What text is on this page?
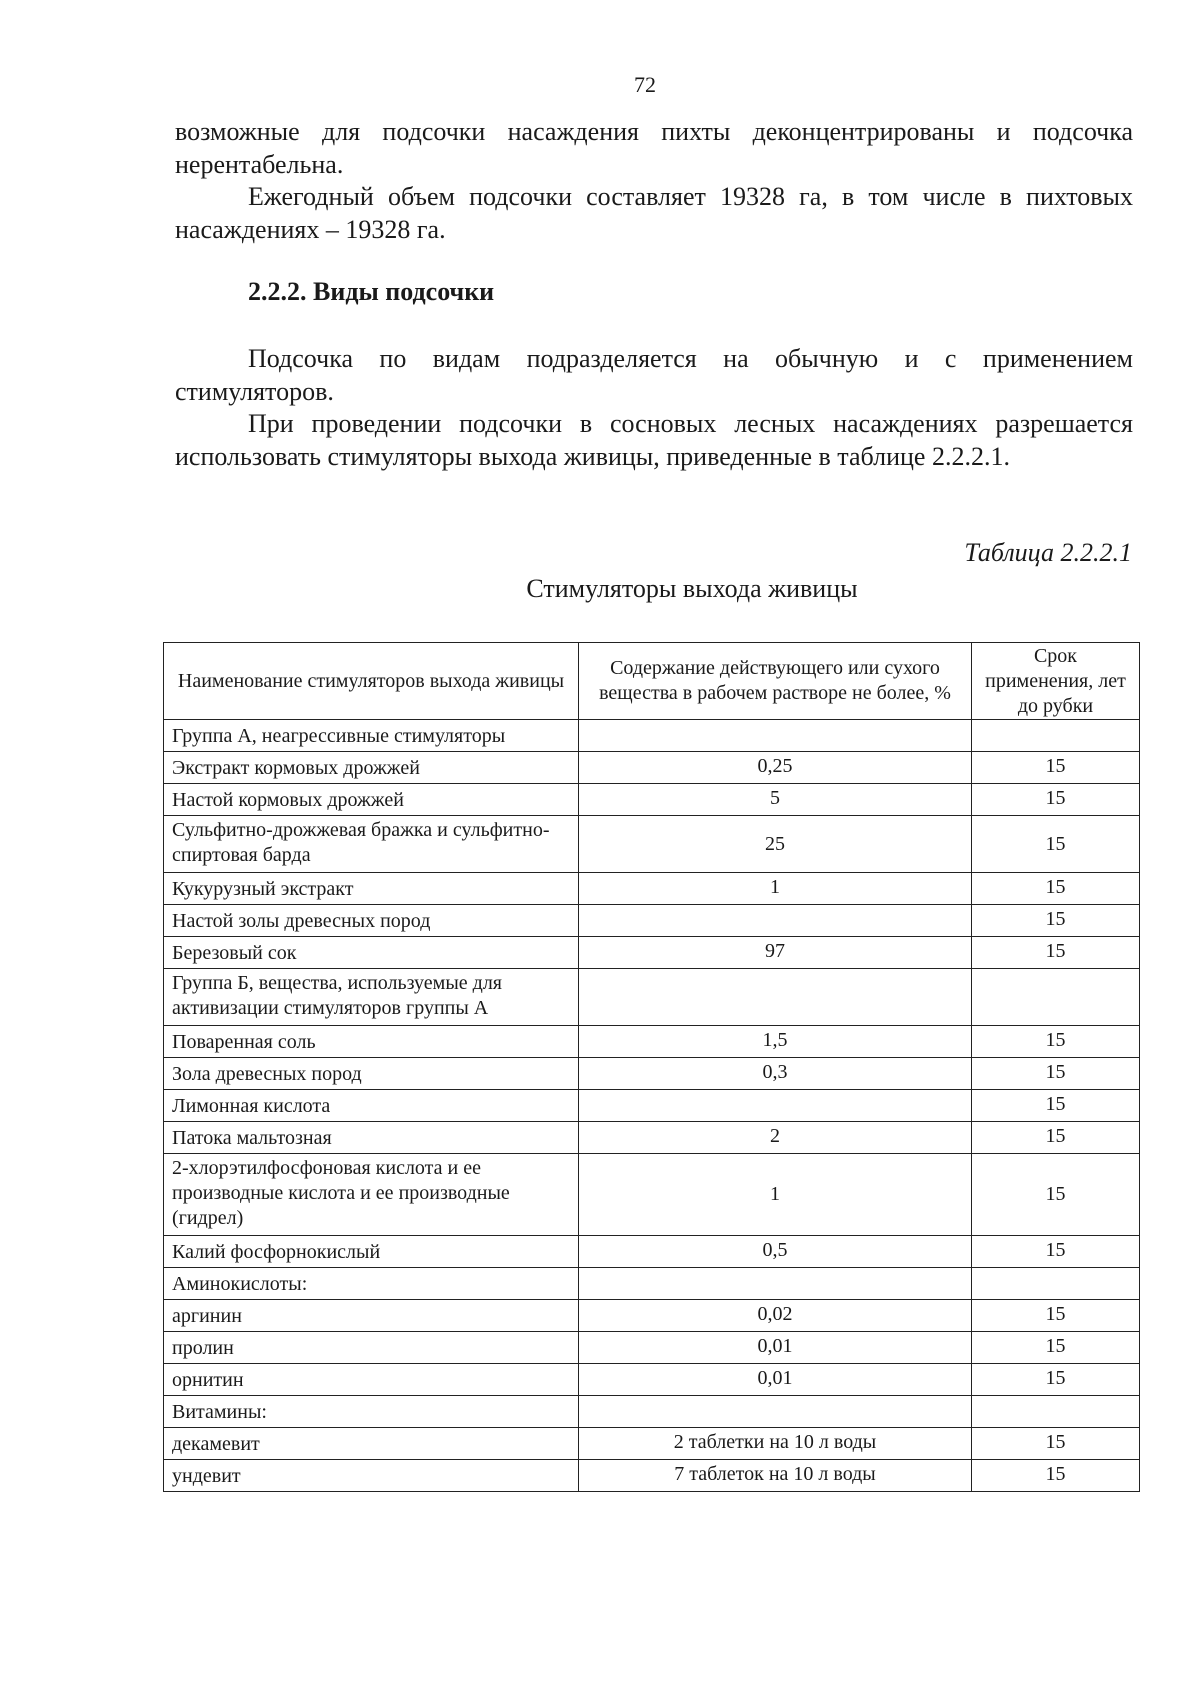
72

возможные для подсочки насаждения пихты деконцентрированы и подсочка нерентабельна.

Ежегодный объем подсочки составляет 19328 га, в том числе в пихтовых насаждениях – 19328 га.

2.2.2. Виды подсочки

Подсочка по видам подразделяется на обычную и с применением стимуляторов.

При проведении подсочки в сосновых лесных насаждениях разрешается использовать стимуляторы выхода живицы, приведенные в таблице 2.2.2.1.

Таблица 2.2.2.1
Стимуляторы выхода живицы
Наименование стимуляторов выхода живицы	Содержание действующего или сухого вещества в рабочем растворе не более, %	Срок применения, лет до рубки
Группа А, неагрессивные стимуляторы		
Экстракт кормовых дрожжей	0,25	15
Настой кормовых дрожжей	5	15
Сульфитно-дрожжевая бражка и сульфитно-спиртовая барда	25	15
Кукурузный экстракт	1	15
Настой золы древесных пород		15
Березовый сок	97	15
Группа Б, вещества, используемые для активизации стимуляторов группы А		
Поваренная соль	1,5	15
Зола древесных пород	0,3	15
Лимонная кислота		15
Патока мальтозная	2	15
2-хлорэтилфосфоновая кислота и ее производные кислота и ее производные (гидрел)	1	15
Калий фосфорнокислый	0,5	15
Аминокислоты:		
аргинин	0,02	15
пролин	0,01	15
орнитин	0,01	15
Витамины:		
декамевит	2 таблетки на 10 л воды	15
ундевит	7 таблеток на 10 л воды	15
